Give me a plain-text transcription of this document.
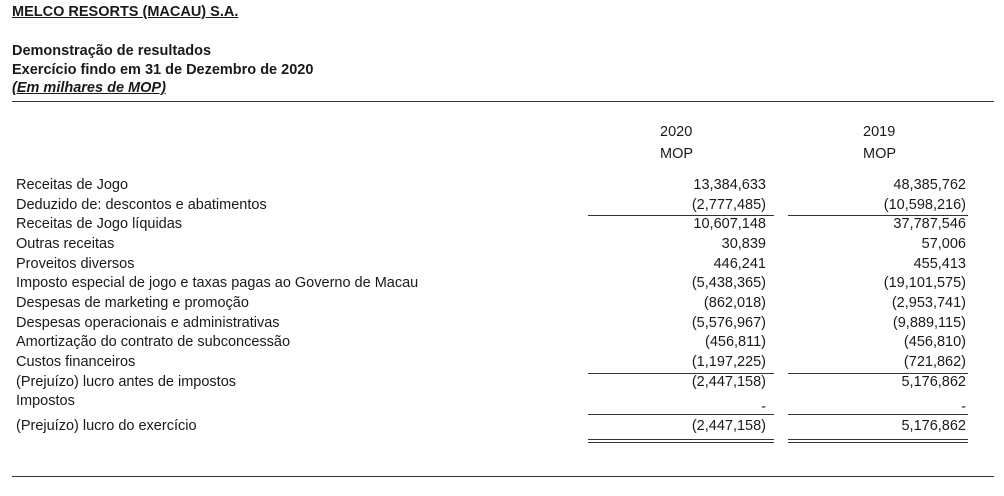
MELCO RESORTS (MACAU) S.A.
Demonstração de resultados
Exercício findo em 31 de Dezembro de 2020
(Em milhares de MOP)
2020
MOP
2019
MOP
Receitas de Jogo	13,384,633	48,385,762
Deduzido de: descontos e abatimentos	(2,777,485)	(10,598,216)
Receitas de Jogo líquidas	10,607,148	37,787,546
Outras receitas	30,839	57,006
Proveitos diversos	446,241	455,413
Imposto especial de jogo e taxas pagas ao Governo de Macau	(5,438,365)	(19,101,575)
Despesas de marketing e promoção	(862,018)	(2,953,741)
Despesas operacionais e administrativas	(5,576,967)	(9,889,115)
Amortização do contrato de subconcessão	(456,811)	(456,810)
Custos financeiros	(1,197,225)	(721,862)
(Prejuízo) lucro antes de impostos	(2,447,158)	5,176,862
Impostos	-	-
(Prejuízo) lucro do exercício	(2,447,158)	5,176,862
